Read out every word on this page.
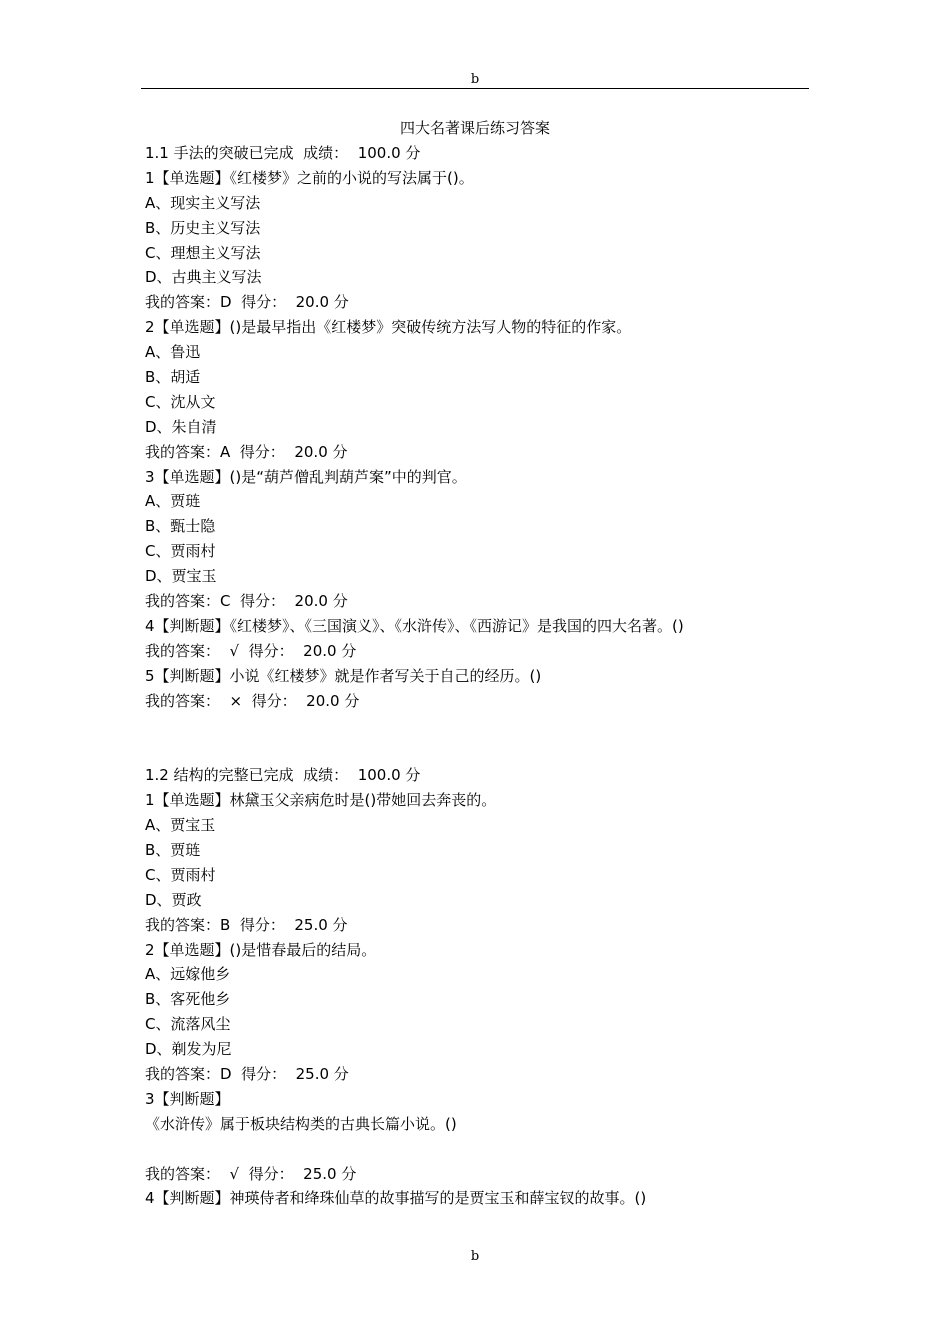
b
四大名著课后练习答案
1.1 手法的突破已完成  成绩：  100.0 分
1【单选题】《红楼梦》之前的小说的写法属于()。
A、现实主义写法
B、历史主义写法
C、理想主义写法
D、古典主义写法
我的答案：D  得分：  20.0 分
2【单选题】()是最早指出《红楼梦》突破传统方法写人物的特征的作家。
A、鲁迅
B、胡适
C、沈从文
D、朱自清
我的答案：A  得分：  20.0 分
3【单选题】()是“葫芦僧乱判葫芦案”中的判官。
A、贾琏
B、甄士隐
C、贾雨村
D、贾宝玉
我的答案：C  得分：  20.0 分
4【判断题】《红楼梦》、《三国演义》、《水浒传》、《西游记》是我国的四大名著。()
我的答案：  √  得分：  20.0 分
5【判断题】小说《红楼梦》就是作者写关于自己的经历。()
我的答案：  ×  得分：  20.0 分
1.2 结构的完整已完成  成绩：  100.0 分
1【单选题】林黛玉父亲病危时是()带她回去奔丧的。
A、贾宝玉
B、贾琏
C、贾雨村
D、贾政
我的答案：B  得分：  25.0 分
2【单选题】()是惜春最后的结局。
A、远嫁他乡
B、客死他乡
C、流落风尘
D、剃发为尼
我的答案：D  得分：  25.0 分
3【判断题】
《水浒传》属于板块结构类的古典长篇小说。()
我的答案：  √  得分：  25.0 分
4【判断题】神瑛侍者和绛珠仙草的故事描写的是贾宝玉和薛宝钗的故事。()
b
